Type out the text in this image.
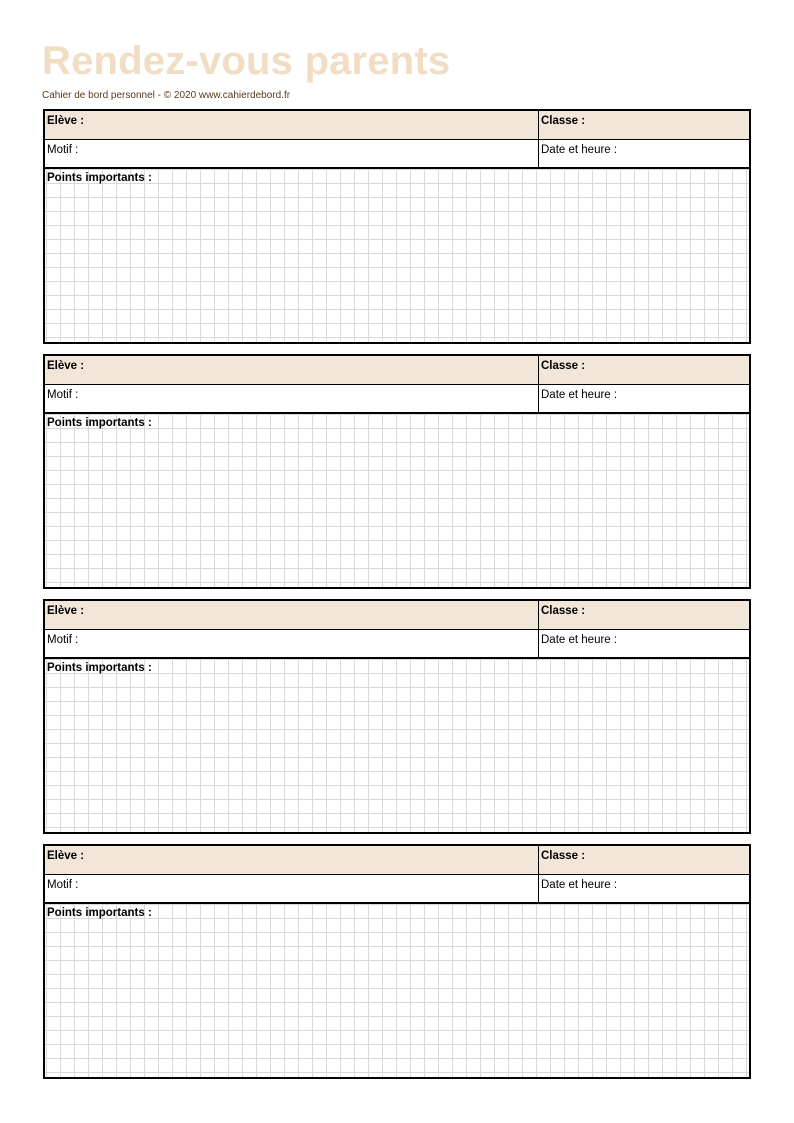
Rendez-vous parents
Cahier de bord personnel - © 2020 www.cahierdebord.fr
Elève :	Classe :
Motif :	Date et heure :
Points importants :
Elève :	Classe :
Motif :	Date et heure :
Points importants :
Elève :	Classe :
Motif :	Date et heure :
Points importants :
Elève :	Classe :
Motif :	Date et heure :
Points importants :
